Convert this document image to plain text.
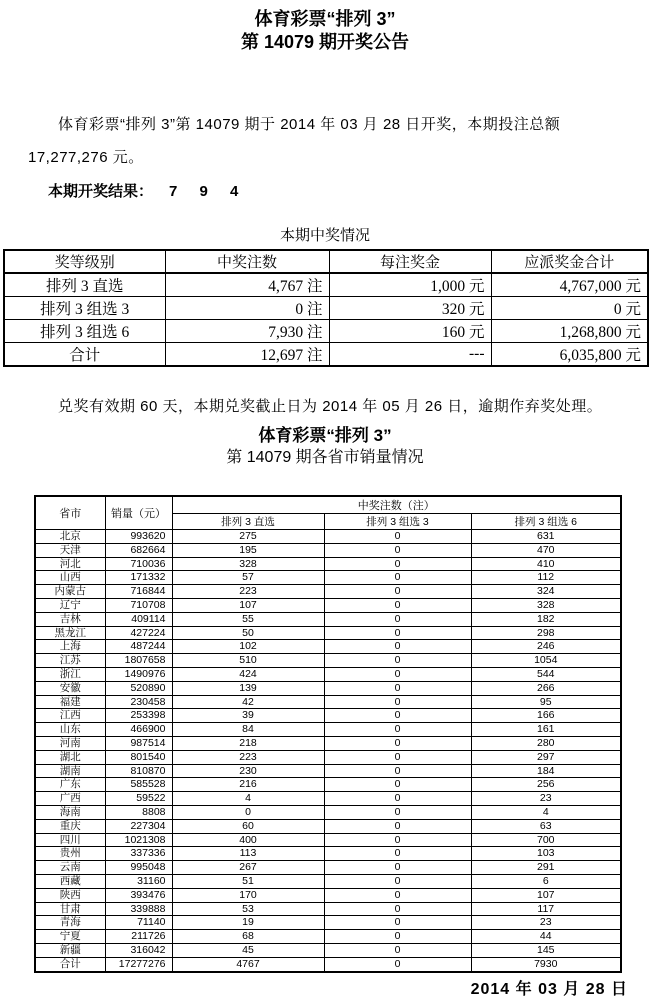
体育彩票“排列 3”
第 14079 期开奖公告

体育彩票“排列 3”第 14079 期于 2014 年 03 月 28 日开奖，本期投注总额 17,277,276 元。

本期开奖结果： 7 9 4

本期中奖情况
奖等级别	中奖注数	每注奖金	应派奖金合计
排列 3 直选	4,767 注	1,000 元	4,767,000 元
排列 3 组选 3	0 注	320 元	0 元
排列 3 组选 6	7,930 注	160 元	1,268,800 元
合计	12,697 注	---	6,035,800 元

兑奖有效期 60 天，本期兑奖截止日为 2014 年 05 月 26 日，逾期作弃奖处理。

体育彩票“排列 3”
第 14079 期各省市销量情况
省市	销量（元）	中奖注数（注）		
		排列 3 直选	排列 3 组选 3	排列 3 组选 6
北京	993620	275	0	631
天津	682664	195	0	470
河北	710036	328	0	410
山西	171332	57	0	112
内蒙古	716844	223	0	324
辽宁	710708	107	0	328
吉林	409114	55	0	182
黑龙江	427224	50	0	298
上海	487244	102	0	246
江苏	1807658	510	0	1054
浙江	1490976	424	0	544
安徽	520890	139	0	266
福建	230458	42	0	95
江西	253398	39	0	166
山东	466900	84	0	161
河南	987514	218	0	280
湖北	801540	223	0	297
湖南	810870	230	0	184
广东	585528	216	0	256
广西	59522	4	0	23
海南	8808	0	0	4
重庆	227304	60	0	63
四川	1021308	400	0	700
贵州	337336	113	0	103
云南	995048	267	0	291
西藏	31160	51	0	6
陕西	393476	170	0	107
甘肃	339888	53	0	117
青海	71140	19	0	23
宁夏	211726	68	0	44
新疆	316042	45	0	145
合计	17277276	4767	0	7930
2014 年 03 月 28 日
